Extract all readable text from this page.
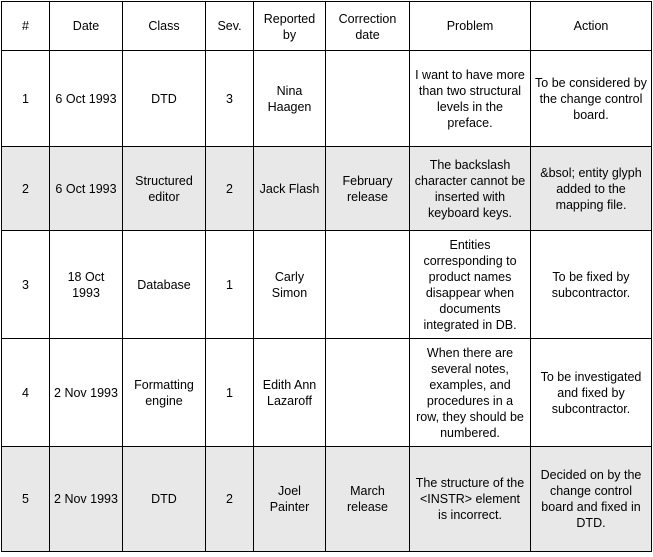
#	Date	Class	Sev.	Reported by	Correction date	Problem	Action
1	6 Oct 1993	DTD	3	Nina Haagen		I want to have more than two structural levels in the preface.	To be considered by the change control board.
2	6 Oct 1993	Structured editor	2	Jack Flash	February release	The backslash character cannot be inserted with keyboard keys.	&bsol; entity glyph added to the mapping file.
3	18 Oct 1993	Database	1	Carly Simon		Entities corresponding to product names disappear when documents integrated in DB.	To be fixed by subcontractor.
4	2 Nov 1993	Formatting engine	1	Edith Ann Lazaroff		When there are several notes, examples, and procedures in a row, they should be numbered.	To be investigated and fixed by subcontractor.
5	2 Nov 1993	DTD	2	Joel Painter	March release	The structure of the <INSTR> element is incorrect.	Decided on by the change control board and fixed in DTD.
